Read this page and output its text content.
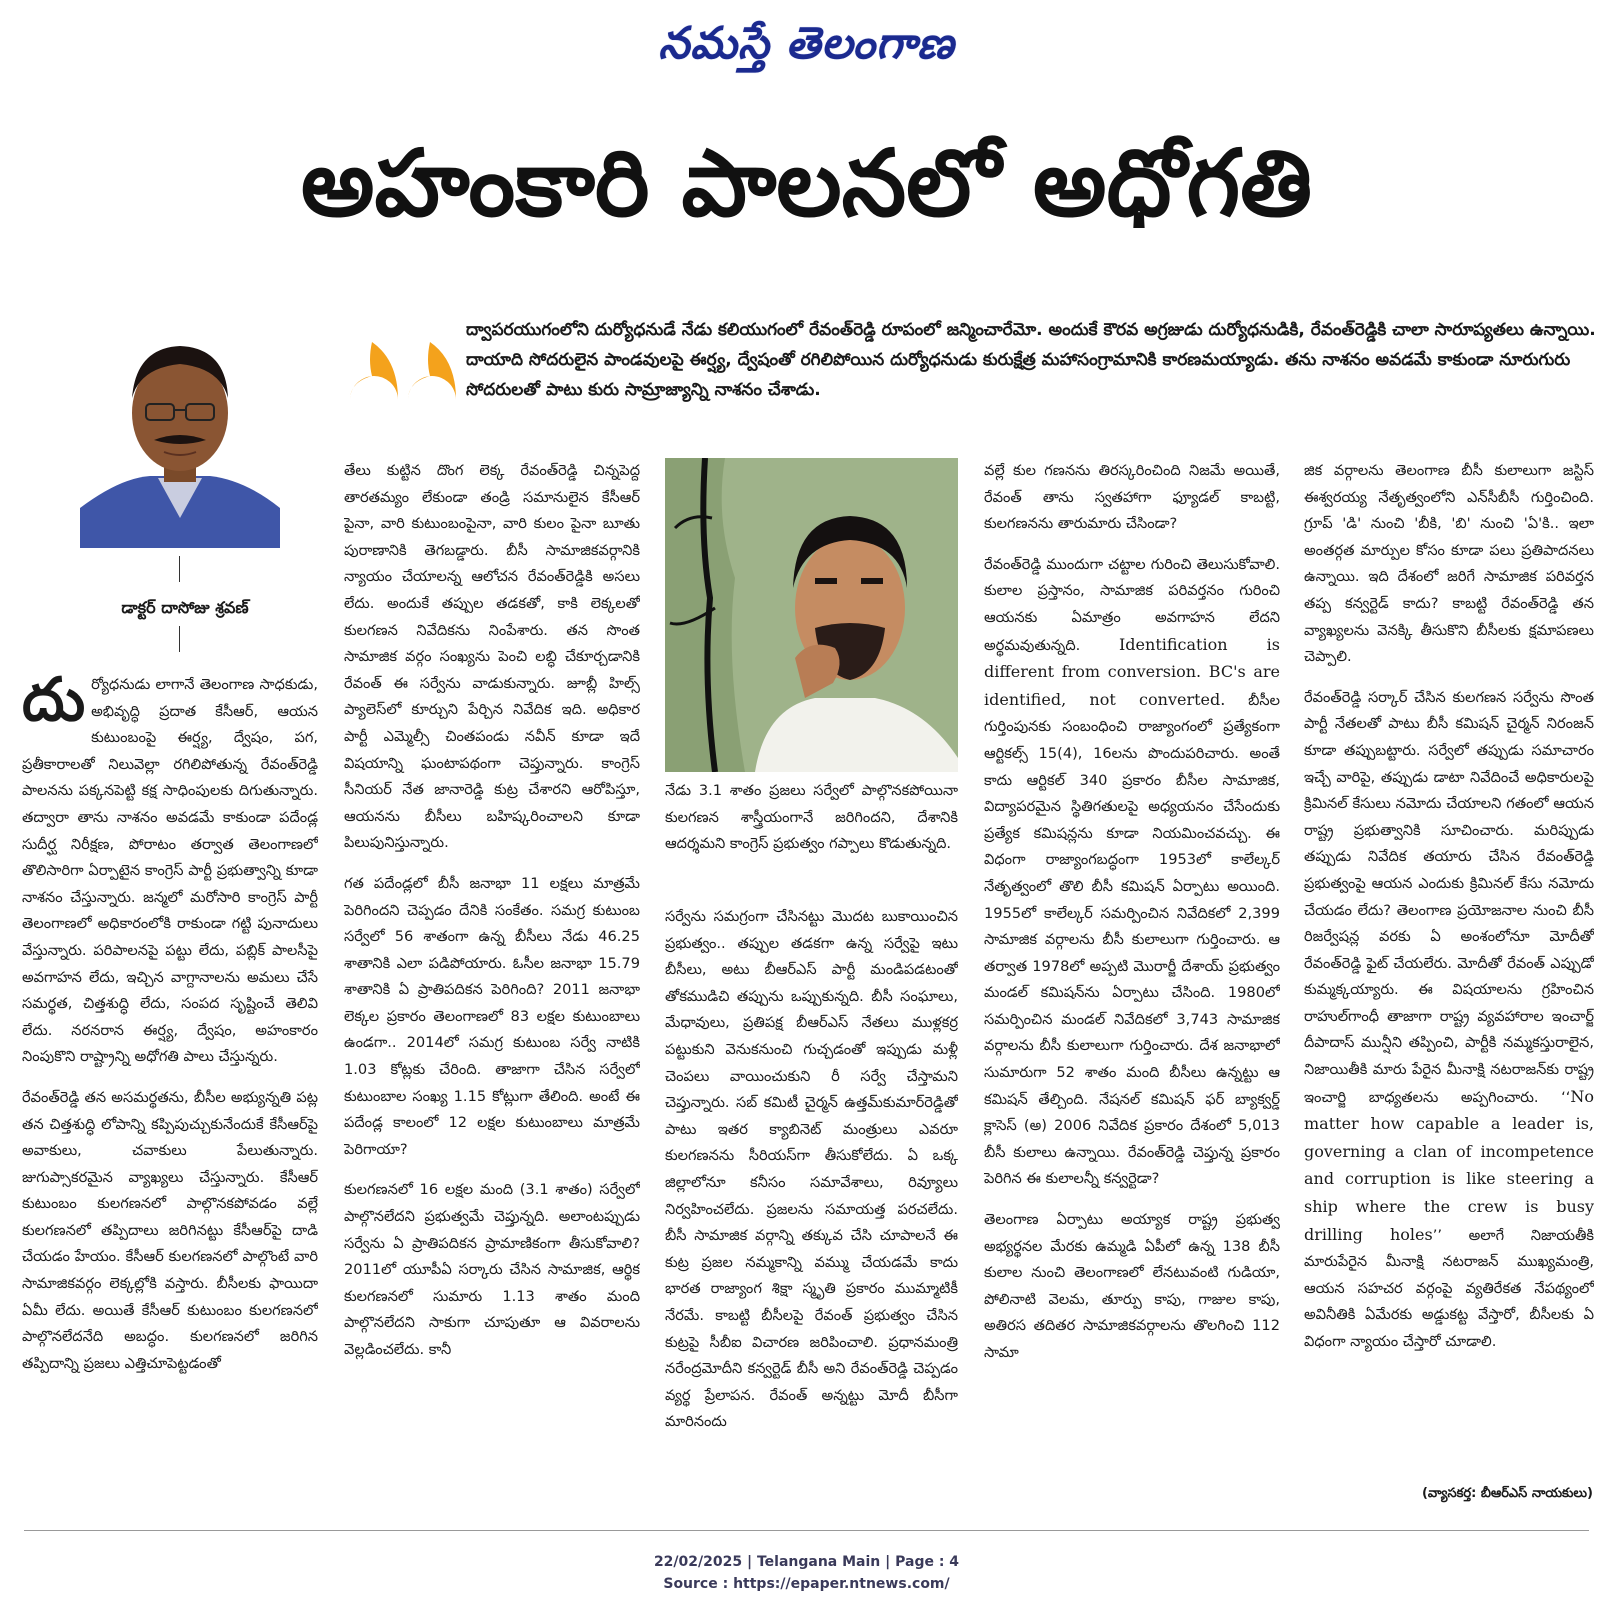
నమస్తే తెలంగాణ
అహంకారి పాలనలో అధోగతి
డాక్టర్ దాసోజు శ్రవణ్
ద్వాపరయుగంలోని దుర్యోధనుడే నేడు కలియుగంలో రేవంత్‌రెడ్డి రూపంలో జన్మించారేమో. అందుకే కౌరవ అగ్రజుడు దుర్యోధనుడికి, రేవంత్‌రెడ్డికి చాలా సారూప్యతలు ఉన్నాయి. దాయాది సోదరులైన పాండవులపై ఈర్ష్య, ద్వేషంతో రగిలిపోయిన దుర్యోధనుడు కురుక్షేత్ర మహాసంగ్రామానికి కారణమయ్యాడు. తను నాశనం అవడమే కాకుండా నూరుగురు సోదరులతో పాటు కురు సామ్రాజ్యాన్ని నాశనం చేశాడు.

దుర్యోధనుడు లాగానే తెలంగాణ సాధకుడు, అభివృద్ధి ప్రదాత కేసీఆర్, ఆయన కుటుంబంపై ఈర్ష్య, ద్వేషం, పగ, ప్రతీకారాలతో నిలువెల్లా రగిలిపోతున్న రేవంత్‌రెడ్డి పాలనను పక్కనపెట్టి కక్ష సాధింపులకు దిగుతున్నారు. తద్వారా తాను నాశనం అవడమే కాకుండా పదేండ్ల సుదీర్ఘ నిరీక్షణ, పోరాటం తర్వాత తెలంగాణలో తొలిసారిగా ఏర్పాటైన కాంగ్రెస్ పార్టీ ప్రభుత్వాన్ని కూడా నాశనం చేస్తున్నారు. జన్మలో మరోసారి కాంగ్రెస్ పార్టీ తెలంగాణలో అధికారంలోకి రాకుండా గట్టి పునాదులు వేస్తున్నారు. పరిపాలనపై పట్టు లేదు, పబ్లిక్ పాలసీపై అవగాహన లేదు, ఇచ్చిన వాగ్దానాలను అమలు చేసే సమర్థత, చిత్తశుద్ధి లేదు, సంపద సృష్టించే తెలివి లేదు. నరనరాన ఈర్ష్య, ద్వేషం, అహంకారం నింపుకొని రాష్ట్రాన్ని అధోగతి పాలు చేస్తున్నరు.

రేవంత్‌రెడ్డి తన అసమర్థతను, బీసీల అభ్యున్నతి పట్ల తన చిత్తశుద్ధి లోపాన్ని కప్పిపుచ్చుకునేందుకే కేసీఆర్‌పై అవాకులు, చవాకులు పేలుతున్నారు. జుగుప్సాకరమైన వ్యాఖ్యలు చేస్తున్నారు. కేసీఆర్ కుటుంబం కులగణనలో పాల్గొనకపోవడం వల్లే కులగణనలో తప్పిదాలు జరిగినట్టు కేసీఆర్‌పై దాడి చేయడం హేయం. కేసీఆర్ కులగణనలో పాల్గొంటే వారి సామాజికవర్గం లెక్కల్లోకి వస్తారు. బీసీలకు ఫాయిదా ఏమీ లేదు. అయితే కేసీఆర్ కుటుంబం కులగణనలో పాల్గొనలేదనేది అబద్ధం. కులగణనలో జరిగిన తప్పిదాన్ని ప్రజలు ఎత్తిచూపెట్టడంతో

తేలు కుట్టిన దొంగ లెక్క రేవంత్‌రెడ్డి చిన్నపెద్ద తారతమ్యం లేకుండా తండ్రి సమానులైన కేసీఆర్ పైనా, వారి కుటుంబంపైనా, వారి కులం పైనా బూతు పురాణానికి తెగబడ్డారు. బీసీ సామాజికవర్గానికి న్యాయం చేయాలన్న ఆలోచన రేవంత్‌రెడ్డికి అసలు లేదు. అందుకే తప్పుల తడకతో, కాకి లెక్కలతో కులగణన నివేదికను నింపేశారు. తన సొంత సామాజిక వర్గం సంఖ్యను పెంచి లబ్ధి చేకూర్చడానికి రేవంత్ ఈ సర్వేను వాడుకున్నారు. జూబ్లీ హిల్స్ ప్యాలెస్‌లో కూర్చుని పేర్చిన నివేదిక ఇది. అధికార పార్టీ ఎమ్మెల్సీ చింతపండు నవీన్ కూడా ఇదే విషయాన్ని ఘంటాపథంగా చెప్తున్నారు. కాంగ్రెస్ సీనియర్ నేత జానారెడ్డి కుట్ర చేశారని ఆరోపిస్తూ, ఆయనను బీసీలు బహిష్కరించాలని కూడా పిలుపునిస్తున్నారు.

గత పదేండ్లలో బీసీ జనాభా 11 లక్షలు మాత్రమే పెరిగిందని చెప్పడం దేనికి సంకేతం. సమగ్ర కుటుంబ సర్వేలో 56 శాతంగా ఉన్న బీసీలు నేడు 46.25 శాతానికి ఎలా పడిపోయారు. ఓసీల జనాభా 15.79 శాతానికి ఏ ప్రాతిపదికన పెరిగింది? 2011 జనాభా లెక్కల ప్రకారం తెలంగాణలో 83 లక్షల కుటుంబాలు ఉండగా.. 2014లో సమగ్ర కుటుంబ సర్వే నాటికి 1.03 కోట్లకు చేరింది. తాజాగా చేసిన సర్వేలో కుటుంబాల సంఖ్య 1.15 కోట్లుగా తేలింది. అంటే ఈ పదేండ్ల కాలంలో 12 లక్షల కుటుంబాలు మాత్రమే పెరిగాయా?

కులగణనలో 16 లక్షల మంది (3.1 శాతం) సర్వేలో పాల్గొనలేదని ప్రభుత్వమే చెప్తున్నది. అలాంటప్పుడు సర్వేను ఏ ప్రాతిపదికన ప్రామాణికంగా తీసుకోవాలి? 2011లో యూపీఏ సర్కారు చేసిన సామాజిక, ఆర్థిక కులగణనలో సుమారు 1.13 శాతం మంది పాల్గొనలేదని సాకుగా చూపుతూ ఆ వివరాలను వెల్లడించలేదు. కానీ

నేడు 3.1 శాతం ప్రజలు సర్వేలో పాల్గొనకపోయినా కులగణన శాస్త్రీయంగానే జరిగిందని, దేశానికి ఆదర్శమని కాంగ్రెస్ ప్రభుత్వం గప్పాలు కొడుతున్నది.

సర్వేను సమగ్రంగా చేసినట్టు మొదట బుకాయించిన ప్రభుత్వం.. తప్పుల తడకగా ఉన్న సర్వేపై ఇటు బీసీలు, అటు బీఆర్‌ఎస్ పార్టీ మండిపడటంతో తోకముడిచి తప్పును ఒప్పుకున్నది. బీసీ సంఘాలు, మేధావులు, ప్రతిపక్ష బీఆర్‌ఎస్ నేతలు ముళ్లకర్ర పట్టుకుని వెనుకనుంచి గుచ్చడంతో ఇప్పుడు మళ్లీ చెంపలు వాయించుకుని రీ సర్వే చేస్తామని చెప్తున్నారు. సబ్ కమిటీ చైర్మన్ ఉత్తమ్‌కుమార్‌రెడ్డితో పాటు ఇతర క్యాబినెట్ మంత్రులు ఎవరూ కులగణనను సీరియస్‌గా తీసుకోలేదు. ఏ ఒక్క జిల్లాలోనూ కనీసం సమావేశాలు, రివ్యూలు నిర్వహించలేదు. ప్రజలను సమాయత్త పరచలేదు. బీసీ సామాజిక వర్గాన్ని తక్కువ చేసి చూపాలనే ఈ కుట్ర ప్రజల నమ్మకాన్ని వమ్ము చేయడమే కాదు భారత రాజ్యాంగ శిక్షా స్మృతి ప్రకారం ముమ్మాటికీ నేరమే. కాబట్టి బీసీలపై రేవంత్ ప్రభుత్వం చేసిన కుట్రపై సీబీఐ విచారణ జరిపించాలి. ప్రధానమంత్రి నరేంద్రమోదీని కన్వర్టెడ్ బీసీ అని రేవంత్‌రెడ్డి చెప్పడం వ్యర్థ ప్రేలాపన. రేవంత్ అన్నట్టు మోదీ బీసీగా మారినందు

వల్లే కుల గణనను తిరస్కరించింది నిజమే అయితే, రేవంత్ తాను స్వతహాగా ఫ్యూడల్ కాబట్టి, కులగణనను తారుమారు చేసిండా?

రేవంత్‌రెడ్డి ముందుగా చట్టాల గురించి తెలుసుకోవాలి. కులాల ప్రస్తానం, సామాజిక పరివర్తనం గురించి ఆయనకు ఏమాత్రం అవగాహన లేదని అర్థమవుతున్నది. Identification is different from conversion. BC's are identified, not converted. బీసీల గుర్తింపునకు సంబంధించి రాజ్యాంగంలో ప్రత్యేకంగా ఆర్టికల్స్ 15(4), 16లను పొందుపరిచారు. అంతే కాదు ఆర్టికల్ 340 ప్రకారం బీసీల సామాజిక, విద్యాపరమైన స్థితిగతులపై అధ్యయనం చేసేందుకు ప్రత్యేక కమిషన్లను కూడా నియమించవచ్చు. ఈ విధంగా రాజ్యాంగబద్ధంగా 1953లో కాలేల్కర్ నేతృత్వంలో తొలి బీసీ కమిషన్ ఏర్పాటు అయింది. 1955లో కాలేల్కర్ సమర్పించిన నివేదికలో 2,399 సామాజిక వర్గాలను బీసీ కులాలుగా గుర్తించారు. ఆ తర్వాత 1978లో అప్పటి మొరార్జీ దేశాయ్ ప్రభుత్వం మండల్ కమిషన్‌ను ఏర్పాటు చేసింది. 1980లో సమర్పించిన మండల్ నివేదికలో 3,743 సామాజిక వర్గాలను బీసీ కులాలుగా గుర్తించారు. దేశ జనాభాలో సుమారుగా 52 శాతం మంది బీసీలు ఉన్నట్టు ఆ కమిషన్ తేల్చింది. నేషనల్ కమిషన్ ఫర్ బ్యాక్వర్డ్ క్లాసెస్ (అ) 2006 నివేదిక ప్రకారం దేశంలో 5,013 బీసీ కులాలు ఉన్నాయి. రేవంత్‌రెడ్డి చెప్తున్న ప్రకారం పెరిగిన ఈ కులాలన్నీ కన్వర్టెడా?

తెలంగాణ ఏర్పాటు అయ్యాక రాష్ట్ర ప్రభుత్వ అభ్యర్థనల మేరకు ఉమ్మడి ఏపీలో ఉన్న 138 బీసీ కులాల నుంచి తెలంగాణలో లేనటువంటి గుడియా, పోలినాటి వెలమ, తూర్పు కాపు, గాజుల కాపు, అతిరస తదితర సామాజికవర్గాలను తొలగించి 112 సామా

జిక వర్గాలను తెలంగాణ బీసీ కులాలుగా జస్టిస్ ఈశ్వరయ్య నేతృత్వంలోని ఎన్‌సీబీసీ గుర్తించింది. గ్రూప్ 'డి' నుంచి 'బీకి, 'బి' నుంచి 'ఏ'కి.. ఇలా అంతర్గత మార్పుల కోసం కూడా పలు ప్రతిపాదనలు ఉన్నాయి. ఇది దేశంలో జరిగే సామాజిక పరివర్తన తప్ప కన్వర్టెడ్ కాదు? కాబట్టి రేవంత్‌రెడ్డి తన వ్యాఖ్యలను వెనక్కి తీసుకొని బీసీలకు క్షమాపణలు చెప్పాలి.

రేవంత్‌రెడ్డి సర్కార్ చేసిన కులగణన సర్వేను సొంత పార్టీ నేతలతో పాటు బీసీ కమిషన్ చైర్మన్ నిరంజన్ కూడా తప్పుబట్టారు. సర్వేలో తప్పుడు సమాచారం ఇచ్చే వారిపై, తప్పుడు డాటా నివేదించే అధికారులపై క్రిమినల్ కేసులు నమోదు చేయాలని గతంలో ఆయన రాష్ట్ర ప్రభుత్వానికి సూచించారు. మరిప్పుడు తప్పుడు నివేదిక తయారు చేసిన రేవంత్‌రెడ్డి ప్రభుత్వంపై ఆయన ఎందుకు క్రిమినల్ కేసు నమోదు చేయడం లేదు? తెలంగాణ ప్రయోజనాల నుంచి బీసీ రిజర్వేషన్ల వరకు ఏ అంశంలోనూ మోదీతో రేవంత్‌రెడ్డి ఫైట్ చేయలేరు. మోదీతో రేవంత్ ఎప్పుడో కుమ్మక్కయ్యారు. ఈ విషయాలను గ్రహించిన రాహుల్‌గాంధీ తాజాగా రాష్ట్ర వ్యవహారాల ఇంచార్జ్ దీపాదాస్ మున్షీని తప్పించి, పార్టీకి నమ్మకస్తురాలైన, నిజాయితీకి మారు పేరైన మీనాక్షి నటరాజన్‌కు రాష్ట్ర ఇంచార్జి బాధ్యతలను అప్పగించారు. ‘‘No matter how capable a leader is, governing a clan of incompetence and corruption is like steering a ship where the crew is busy drilling holes’’ అలాగే నిజాయతీకి మారుపేరైన మీనాక్షి నటరాజన్ ముఖ్యమంత్రి, ఆయన సహచర వర్గంపై వ్యతిరేకత నేపథ్యంలో అవినీతికి ఏమేరకు అడ్డుకట్ట వేస్తారో, బీసీలకు ఏ విధంగా న్యాయం చేస్తారో చూడాలి.

(వ్యాసకర్త: బీఆర్‌ఎస్ నాయకులు)
22/02/2025 | Telangana Main | Page : 4
Source : https://epaper.ntnews.com/
